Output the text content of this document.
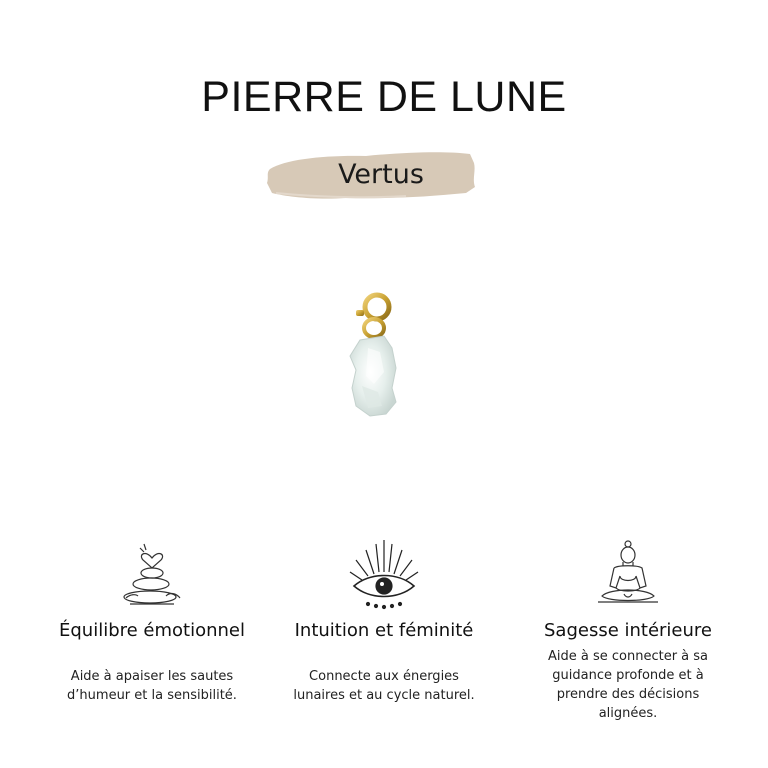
PIERRE DE LUNE
Vertus
Équilibre émotionnel
Aide à apaiser les sautes d’humeur et la sensibilité.
Intuition et féminité
Connecte aux énergies lunaires et au cycle naturel.
Sagesse intérieure
Aide à se connecter à sa guidance profonde et à prendre des décisions alignées.
